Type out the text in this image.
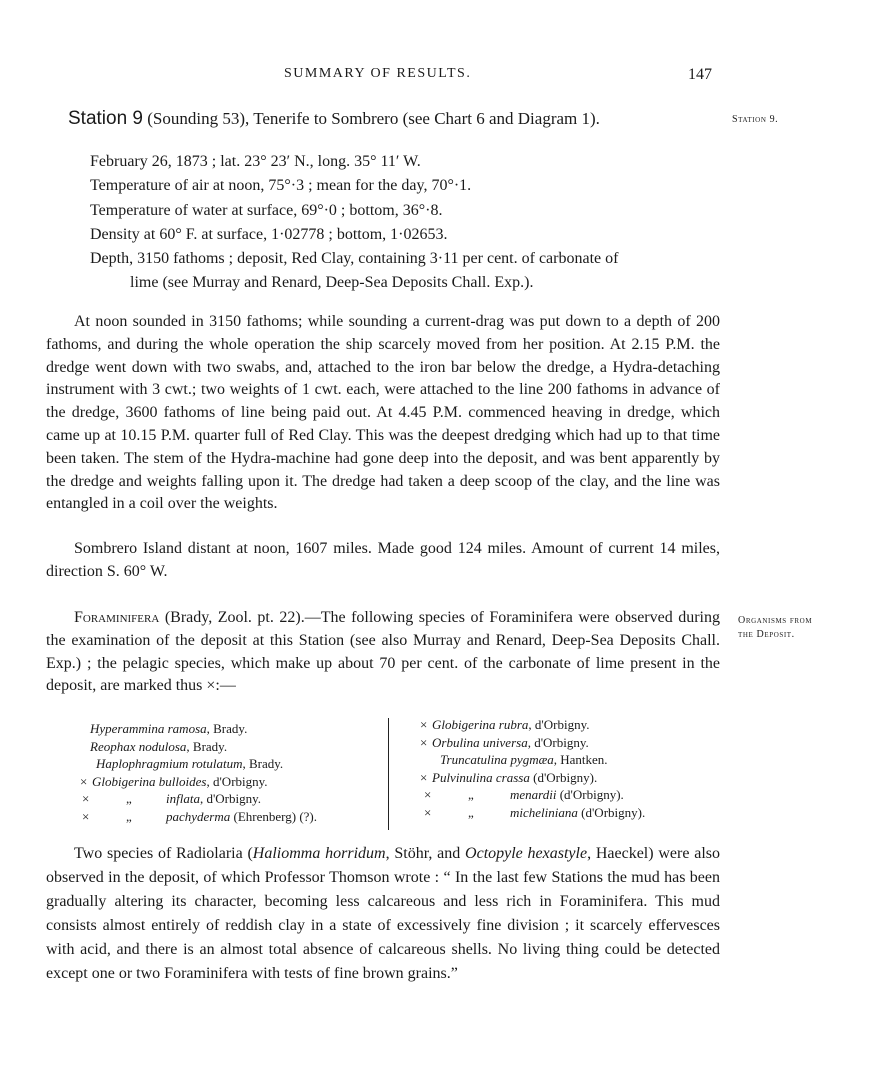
SUMMARY OF RESULTS.	147
Station 9 (Sounding 53), Tenerife to Sombrero (see Chart 6 and Diagram 1).	Station 9.
February 26, 1873 ; lat. 23° 23′ N., long. 35° 11′ W.
Temperature of air at noon, 75°·3 ; mean for the day, 70°·1.
Temperature of water at surface, 69°·0 ; bottom, 36°·8.
Density at 60° F. at surface, 1·02778 ; bottom, 1·02653.
Depth, 3150 fathoms ; deposit, Red Clay, containing 3·11 per cent. of carbonate of
lime (see Murray and Renard, Deep-Sea Deposits Chall. Exp.).

At noon sounded in 3150 fathoms; while sounding a current-drag was put down to a depth of 200 fathoms, and during the whole operation the ship scarcely moved from her position. At 2.15 P.M. the dredge went down with two swabs, and, attached to the iron bar below the dredge, a Hydra-detaching instrument with 3 cwt.; two weights of 1 cwt. each, were attached to the line 200 fathoms in advance of the dredge, 3600 fathoms of line being paid out. At 4.45 P.M. commenced heaving in dredge, which came up at 10.15 P.M. quarter full of Red Clay. This was the deepest dredging which had up to that time been taken. The stem of the Hydra-machine had gone deep into the deposit, and was bent apparently by the dredge and weights falling upon it. The dredge had taken a deep scoop of the clay, and the line was entangled in a coil over the weights.

Sombrero Island distant at noon, 1607 miles. Made good 124 miles. Amount of current 14 miles, direction S. 60° W.

Foraminifera (Brady, Zool. pt. 22).—The following species of Foraminifera were observed during the examination of the deposit at this Station (see also Murray and Renard, Deep-Sea Deposits Chall. Exp.) ; the pelagic species, which make up about 70 per cent. of the carbonate of lime present in the deposit, are marked thus ×:—

Organisms from
the Deposit.
Hyperammina ramosa, Brady.
Reophax nodulosa, Brady.
Haplophragmium rotulatum, Brady.
× Globigerina bulloides, d'Orbigny.
×	„	inflata, d'Orbigny.
×	„	pachyderma (Ehrenberg) (?).
× Globigerina rubra, d'Orbigny.
× Orbulina universa, d'Orbigny.
Truncatulina pygmæa, Hantken.
× Pulvinulina crassa (d'Orbigny).
×	„	menardii (d'Orbigny).
×	„	micheliniana (d'Orbigny).

Two species of Radiolaria (Haliomma horridum, Stöhr, and Octopyle hexastyle, Haeckel) were also observed in the deposit, of which Professor Thomson wrote : “ In the last few Stations the mud has been gradually altering its character, becoming less calcareous and less rich in Foraminifera. This mud consists almost entirely of reddish clay in a state of excessively fine division ; it scarcely effervesces with acid, and there is an almost total absence of calcareous shells. No living thing could be detected except one or two Foraminifera with tests of fine brown grains.”
